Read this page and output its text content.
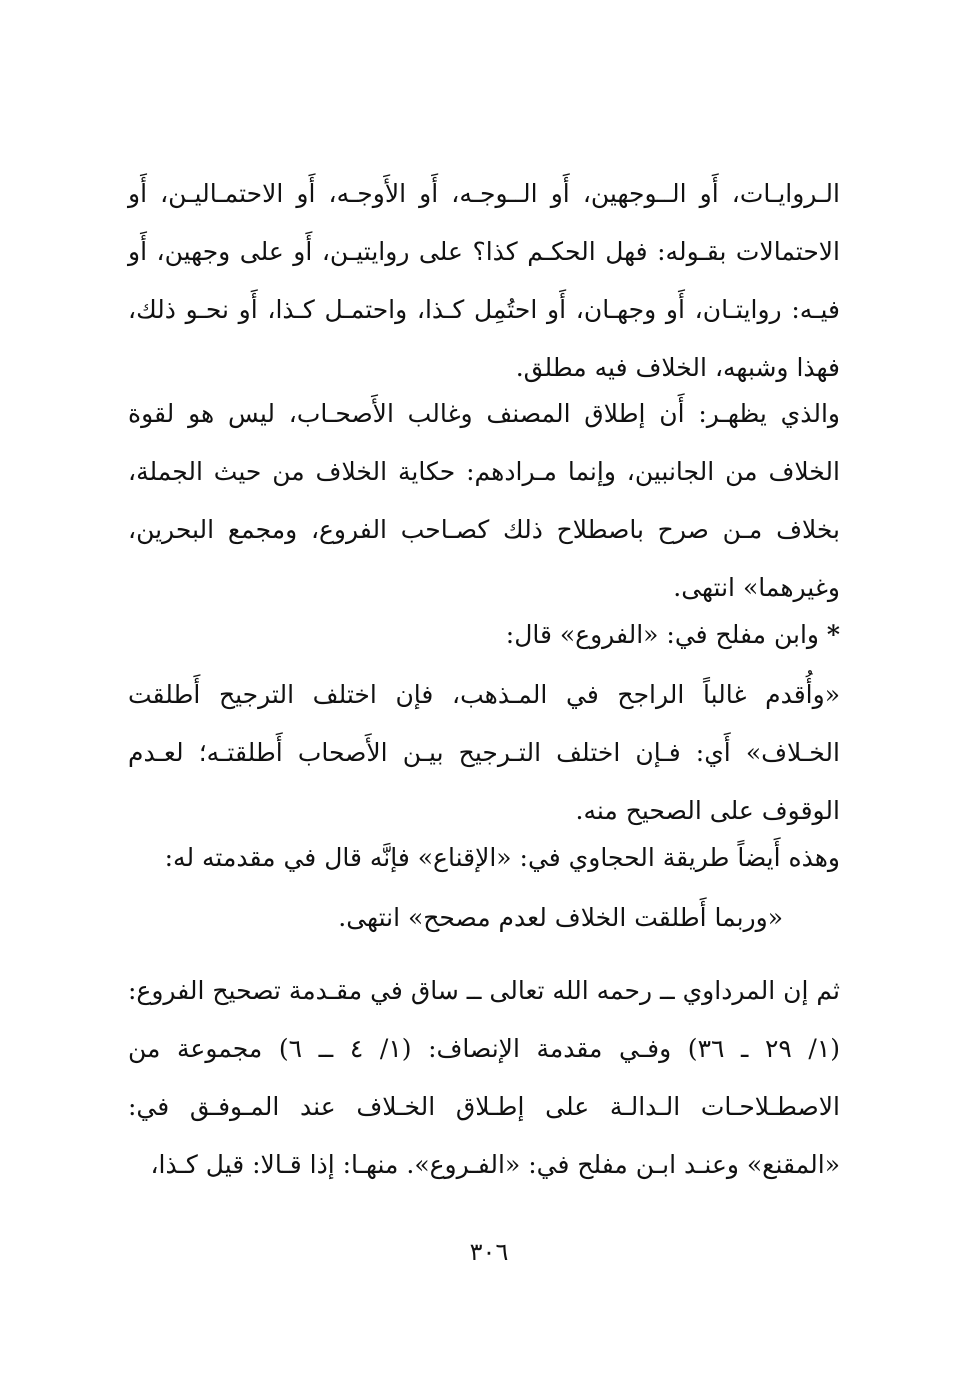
الـروايـات، أَو الــوجهين، أَو الــوجـه، أَو الأَوجـه، أَو الاحتمـاليـن، أَو الاحتمالات بقـوله: فهل الحكـم كذا؟ على روايتيـن، أَو على وجهين، أَو فيـه: روايتـان، أَو وجهـان، أَو احتُمِل كـذا، واحتمـل كـذا، أَو نحـو ذلك، فهذا وشبهه، الخلاف فيه مطلق.

والذي يظهـر: أَن إطلاق المصنف وغالب الأَصحـاب، ليس هو لقوة الخلاف من الجانبين، وإنما مـرادهم: حكاية الخلاف من حيث الجملة، بخلاف مـن صرح باصطلاح ذلك كصـاحب الفروع، ومجمع البحرين، وغيرهما» انتهى.

* وابن مفلح في: «الفروع» قال:

«وأُقدم غالباً الراجح في المـذهب، فإن اختلف الترجيح أَطلقت الخـلاف» أَي: فـإن اختلف التـرجيح بيـن الأَصحاب أَطلقتـه؛ لعـدم الوقوف على الصحيح منه.

وهذه أَيضاً طريقة الحجاوي في: «الإقناع» فإنَّه قال في مقدمته له:

«وربما أَطلقت الخلاف لعدم مصحح» انتهى.

ثم إن المرداوي ــ رحمه الله تعالى ــ ساق في مقـدمة تصحيح الفروع: (١/ ٢٩ ـ ٣٦) وفـي مقدمة الإنصاف: (١/ ٤ ــ ٦) مجموعة من الاصطـلاحـات الـدالـة على إطـلاق الخـلاف عند المـوفـق في: «المقنع» وعنـد ابـن مفلح في: «الفـروع». منهـا: إذا قـالا: قيل كـذا،

٣٠٦
